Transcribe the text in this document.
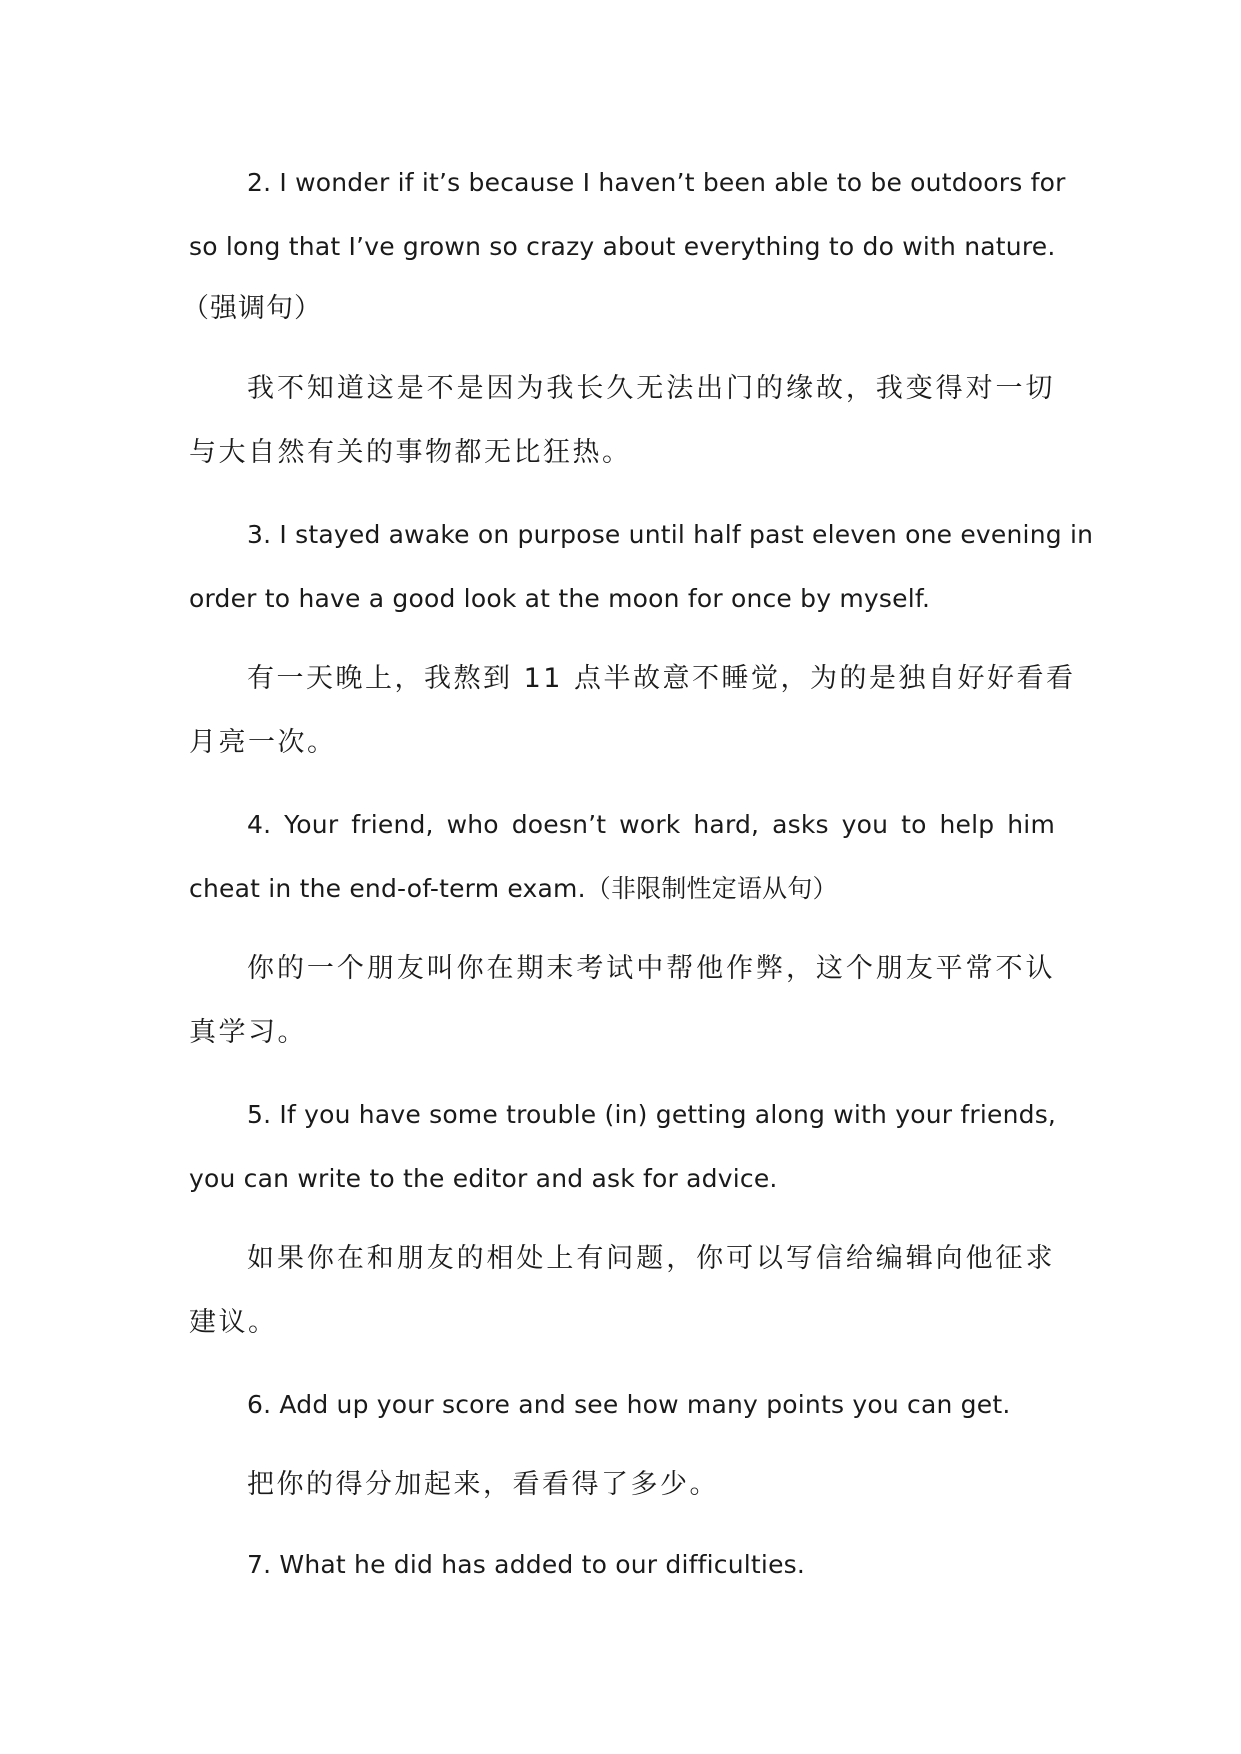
2. I wonder if it’s because I haven’t been able to be outdoors for
so long that I’ve grown so crazy about everything to do with nature.
（强调句）
我不知道这是不是因为我长久无法出门的缘故，我变得对一切
与大自然有关的事物都无比狂热。
3. I stayed awake on purpose until half past eleven one evening in
order to have a good look at the moon for once by myself.
有一天晚上，我熬到 11 点半故意不睡觉，为的是独自好好看看
月亮一次。
4. Your friend, who doesn’t work hard, asks you to help him
cheat in the end-of-term exam.（非限制性定语从句）
你的一个朋友叫你在期末考试中帮他作弊，这个朋友平常不认
真学习。
5. If you have some trouble (in) getting along with your friends,
you can write to the editor and ask for advice.
如果你在和朋友的相处上有问题，你可以写信给编辑向他征求
建议。
6. Add up your score and see how many points you can get.
把你的得分加起来，看看得了多少。
7. What he did has added to our difficulties.
